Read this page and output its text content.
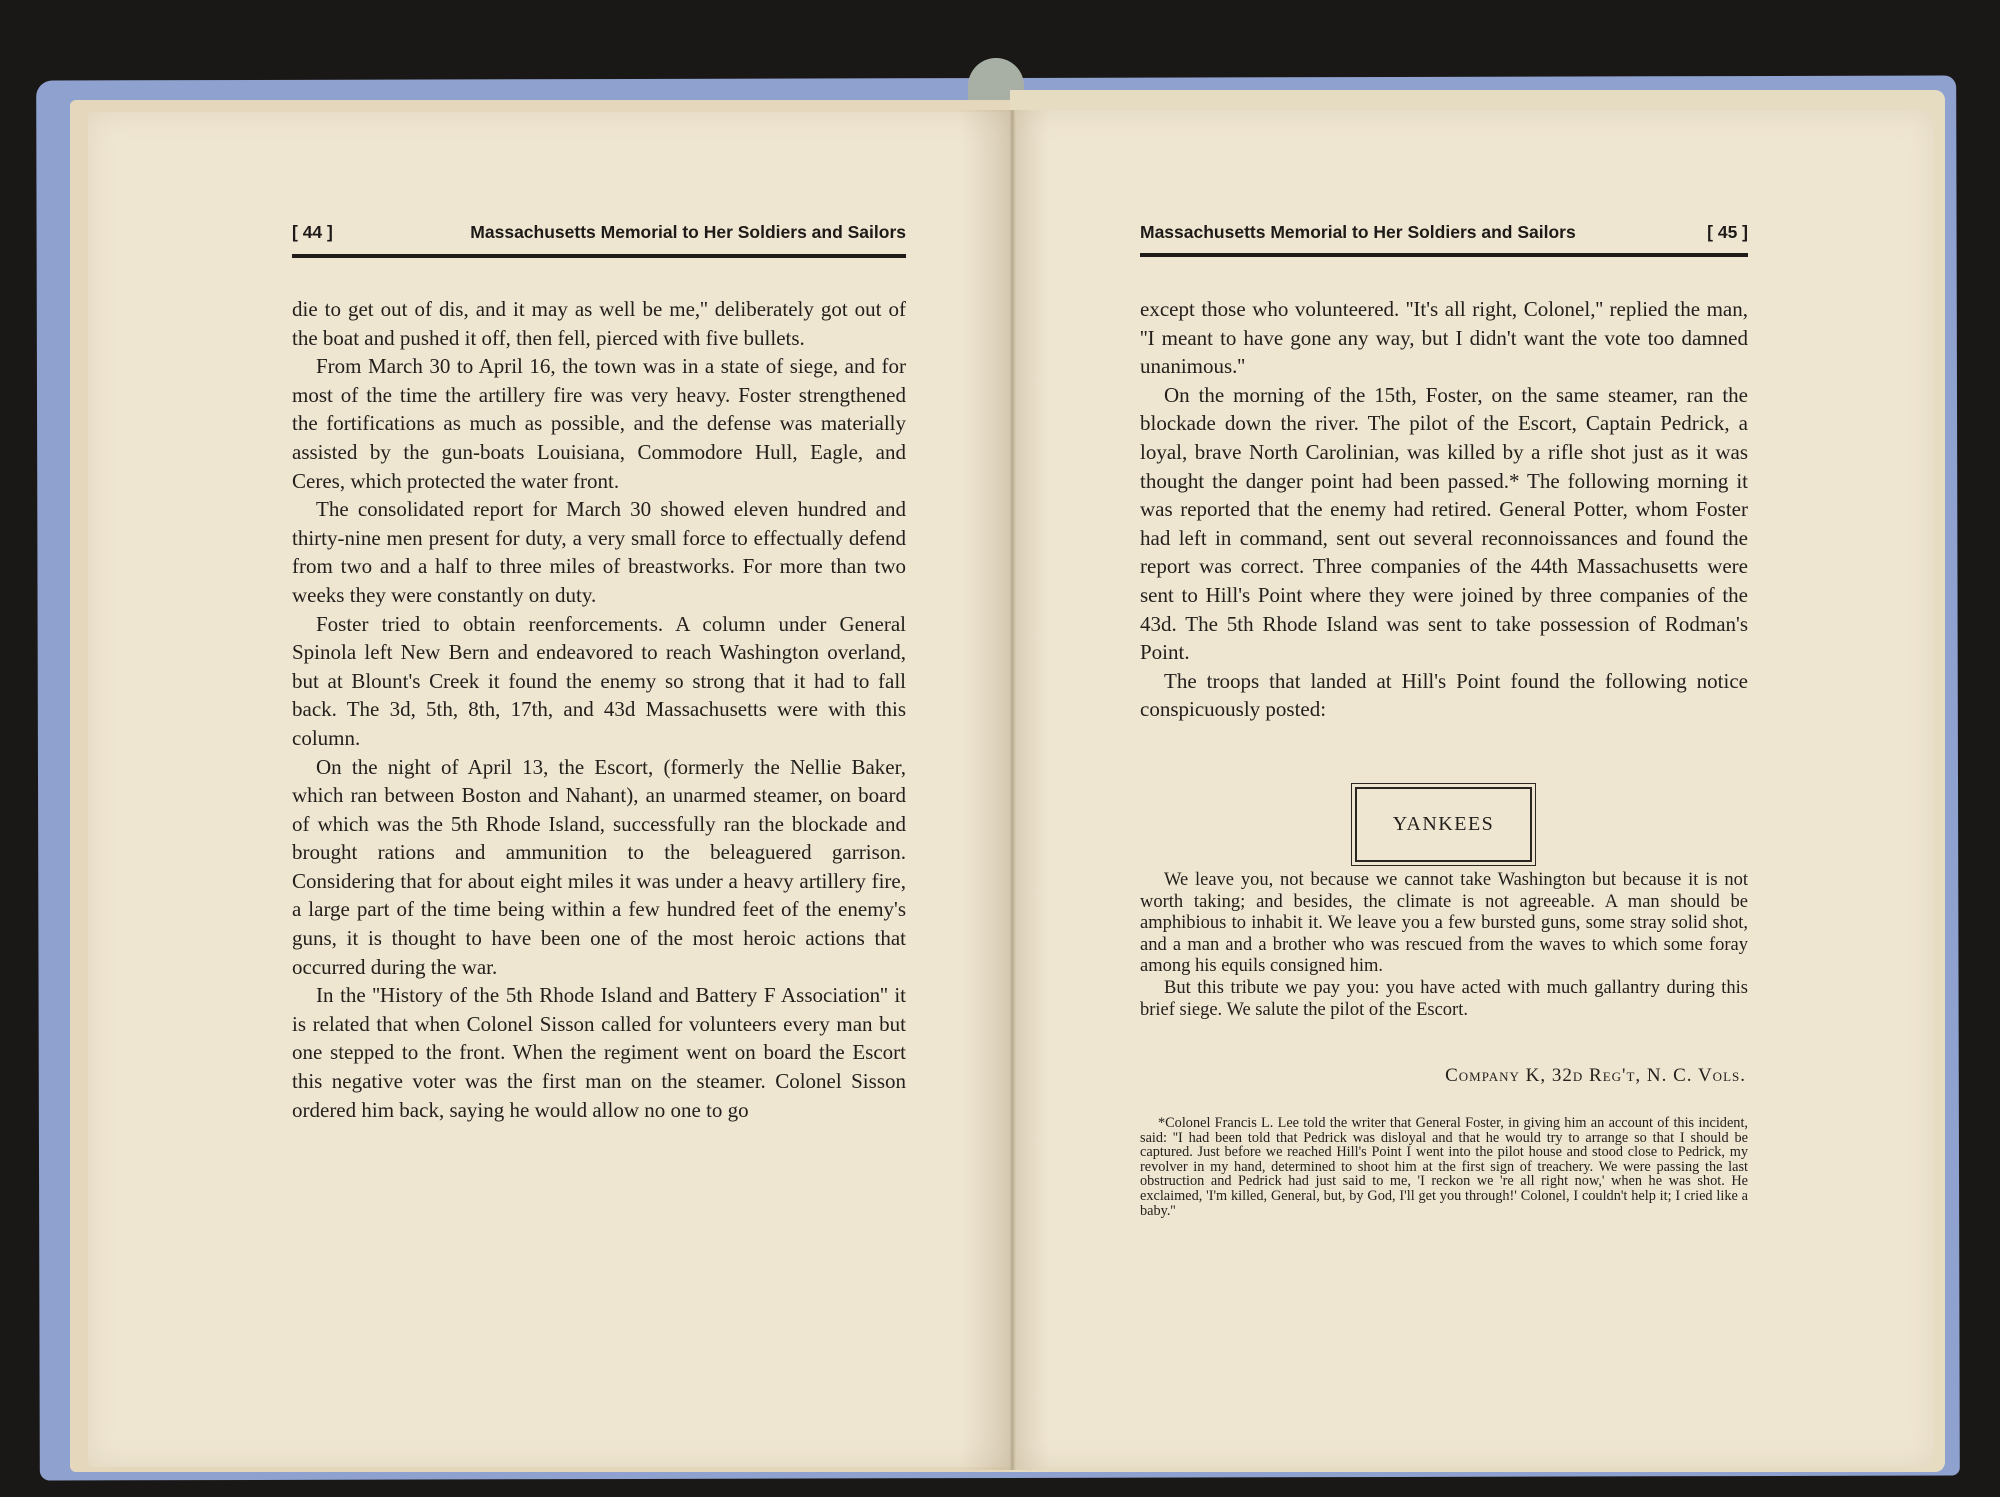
[ 44 ]	Massachusetts Memorial to Her Soldiers and Sailors

die to get out of dis, and it may as well be me,'' deliberately got out of the boat and pushed it off, then fell, pierced with five bullets.

From March 30 to April 16, the town was in a state of siege, and for most of the time the artillery fire was very heavy. Foster strengthened the fortifications as much as possible, and the defense was materially assisted by the gun-boats Louisiana, Commodore Hull, Eagle, and Ceres, which protected the water front.

The consolidated report for March 30 showed eleven hundred and thirty-nine men present for duty, a very small force to effectually defend from two and a half to three miles of breastworks. For more than two weeks they were constantly on duty.

Foster tried to obtain reenforcements. A column under General Spinola left New Bern and endeavored to reach Washington overland, but at Blount's Creek it found the enemy so strong that it had to fall back. The 3d, 5th, 8th, 17th, and 43d Massachusetts were with this column.

On the night of April 13, the Escort, (formerly the Nellie Baker, which ran between Boston and Nahant), an unarmed steamer, on board of which was the 5th Rhode Island, successfully ran the blockade and brought rations and ammunition to the beleaguered garrison. Considering that for about eight miles it was under a heavy artillery fire, a large part of the time being within a few hundred feet of the enemy's guns, it is thought to have been one of the most heroic actions that occurred during the war.

In the ''History of the 5th Rhode Island and Battery F Association'' it is related that when Colonel Sisson called for volunteers every man but one stepped to the front. When the regiment went on board the Escort this negative voter was the first man on the steamer. Colonel Sisson ordered him back, saying he would allow no one to go

Massachusetts Memorial to Her Soldiers and Sailors	[ 45 ]

except those who volunteered. ''It's all right, Colonel,'' replied the man, ''I meant to have gone any way, but I didn't want the vote too damned unanimous.''

On the morning of the 15th, Foster, on the same steamer, ran the blockade down the river. The pilot of the Escort, Captain Pedrick, a loyal, brave North Carolinian, was killed by a rifle shot just as it was thought the danger point had been passed.* The following morning it was reported that the enemy had retired. General Potter, whom Foster had left in command, sent out several reconnoissances and found the report was correct. Three companies of the 44th Massachusetts were sent to Hill's Point where they were joined by three companies of the 43d. The 5th Rhode Island was sent to take possession of Rodman's Point.

The troops that landed at Hill's Point found the following notice conspicuously posted:

YANKEES

We leave you, not because we cannot take Washington but because it is not worth taking; and besides, the climate is not agreeable. A man should be amphibious to inhabit it. We leave you a few bursted guns, some stray solid shot, and a man and a brother who was rescued from the waves to which some foray among his equils consigned him.

But this tribute we pay you: you have acted with much gallantry during this brief siege. We salute the pilot of the Escort.

Company K, 32d Reg't, N. C. Vols.

*Colonel Francis L. Lee told the writer that General Foster, in giving him an account of this incident, said: ''I had been told that Pedrick was disloyal and that he would try to arrange so that I should be captured. Just before we reached Hill's Point I went into the pilot house and stood close to Pedrick, my revolver in my hand, determined to shoot him at the first sign of treachery. We were passing the last obstruction and Pedrick had just said to me, 'I reckon we 're all right now,' when he was shot. He exclaimed, 'I'm killed, General, but, by God, I'll get you through!' Colonel, I couldn't help it; I cried like a baby.''
